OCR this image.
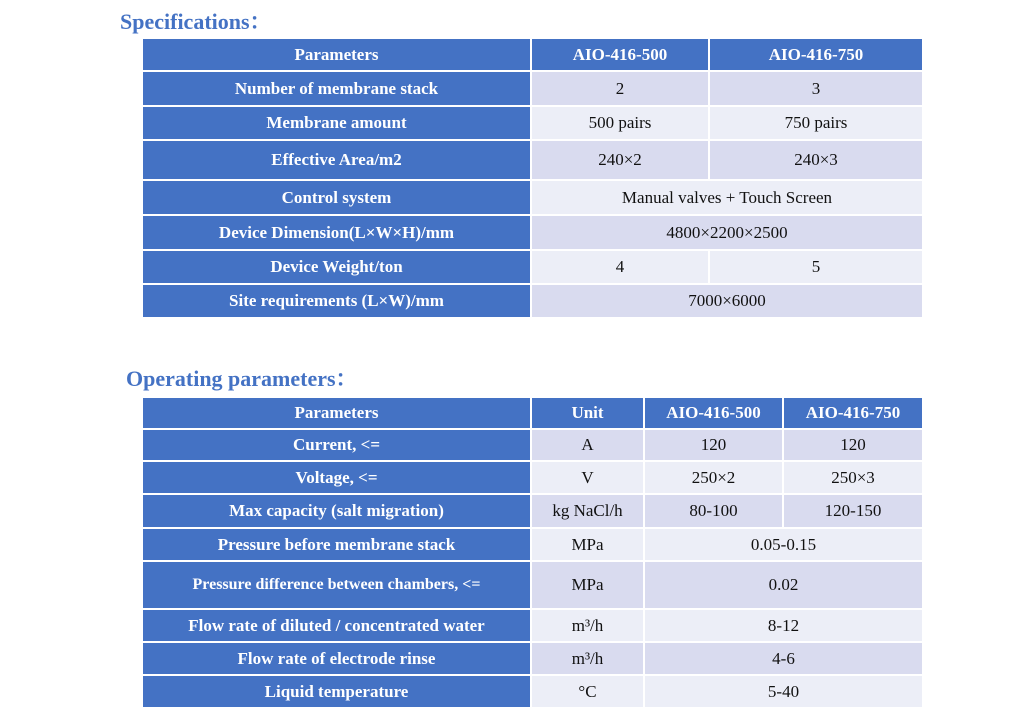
Specifications：
Parameters	AIO-416-500	AIO-416-750
Number of membrane stack	2	3
Membrane amount	500 pairs	750 pairs
Effective Area/m2	240×2	240×3
Control system	Manual valves + Touch Screen	
Device Dimension(L×W×H)/mm	4800×2200×2500	
Device Weight/ton	4	5
Site requirements (L×W)/mm	7000×6000	
Operating parameters：
Parameters	Unit	AIO-416-500	AIO-416-750
Current, <=	A	120	120
Voltage, <=	V	250×2	250×3
Max capacity (salt migration)	kg NaCl/h	80-100	120-150
Pressure before membrane stack	MPa	0.05-0.15	
Pressure difference between chambers, <=	MPa	0.02	
Flow rate of diluted / concentrated water	m³/h	8-12	
Flow rate of electrode rinse	m³/h	4-6	
Liquid temperature	°C	5-40	
